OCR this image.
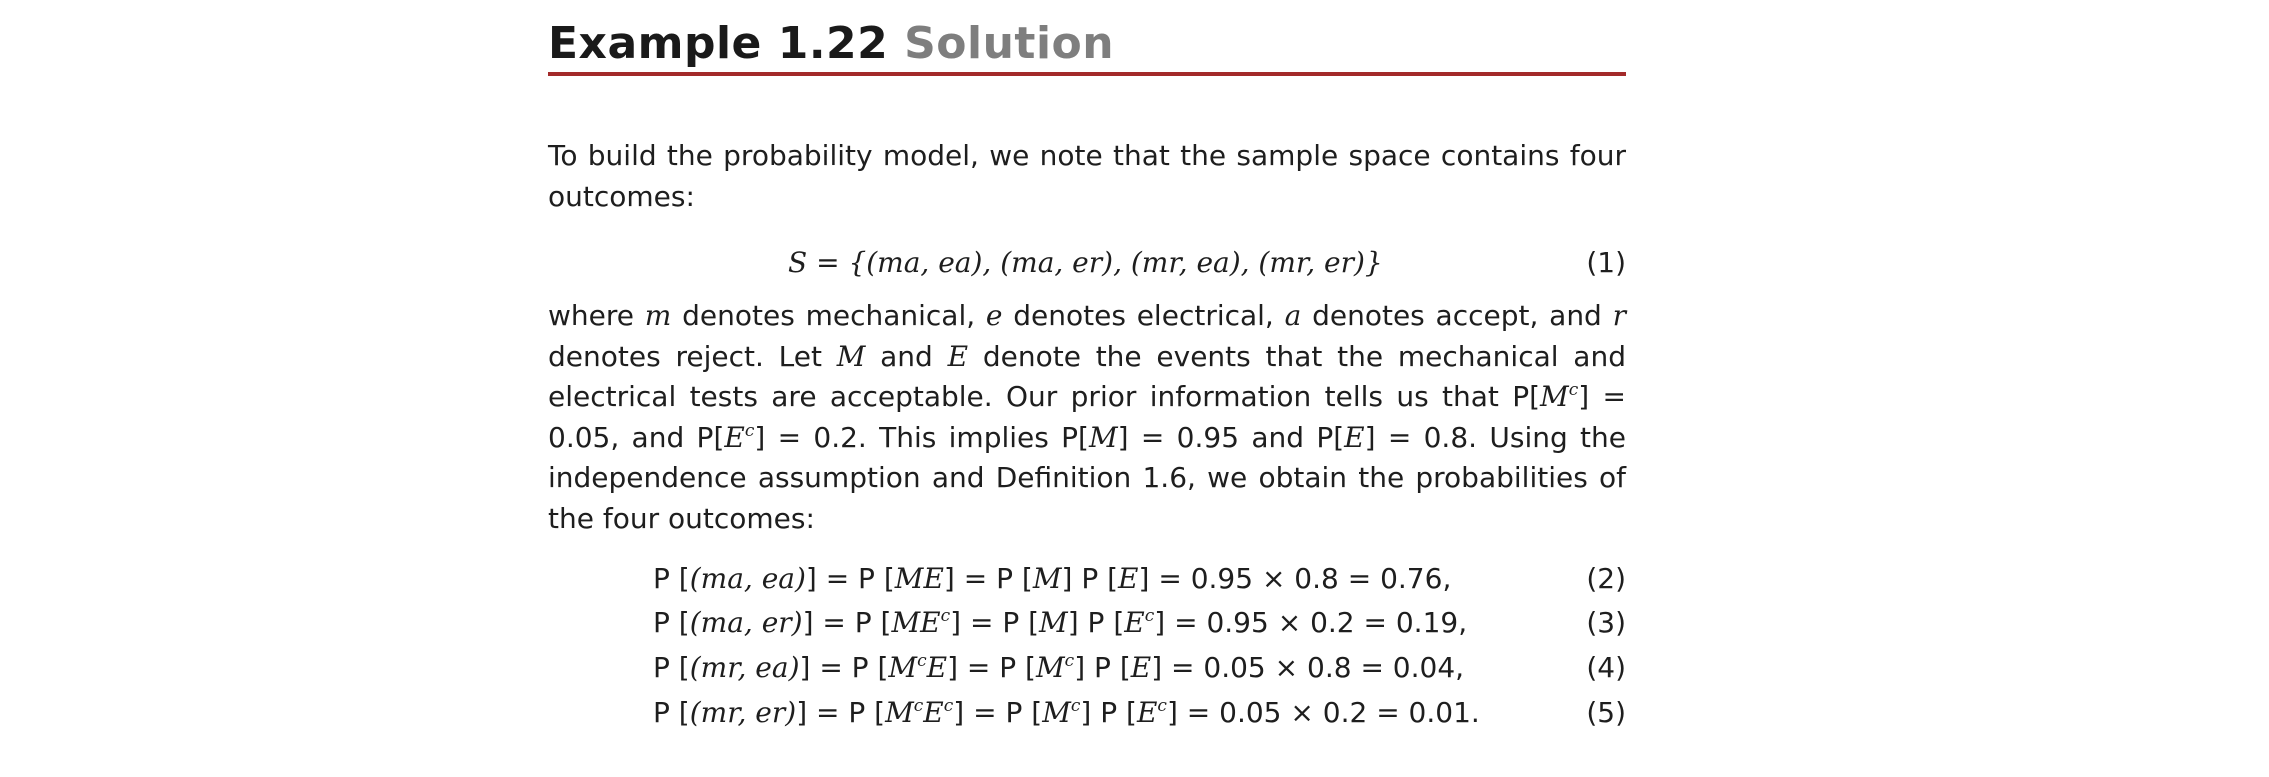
Example 1.22 Solution
To build the probability model, we note that the sample space contains four outcomes:
S = {(ma, ea), (ma, er), (mr, ea), (mr, er)}	(1)
where m denotes mechanical, e denotes electrical, a denotes accept, and r denotes reject. Let M and E denote the events that the mechanical and electrical tests are acceptable. Our prior information tells us that $P[M^c] = 0.05$, and $P[E^c] = 0.2$. This implies P[M] = 0.95 and P[E] = 0.8. Using the independence assumption and Definition 1.6, we obtain the probabilities of the four outcomes:
P [(ma, ea)] = P [ME] = P [M] P [E] = 0.95 × 0.8 = 0.76,	(2)
P [(ma, er)] = P $[ME^c] = P$ [M] P $[E^c] = 0.95 \times 0.2 = 0.19$,	(3)
P [(mr, ea)] = P $[M^cE] = P$ $[M^c]$ P [E] = 0.05 × 0.8 = 0.04,	(4)
P [(mr, er)] = P $[M^cE^c] = P$ $[M^c]$ P $[E^c] = 0.05 \times 0.2 = 0.01$.	(5)
